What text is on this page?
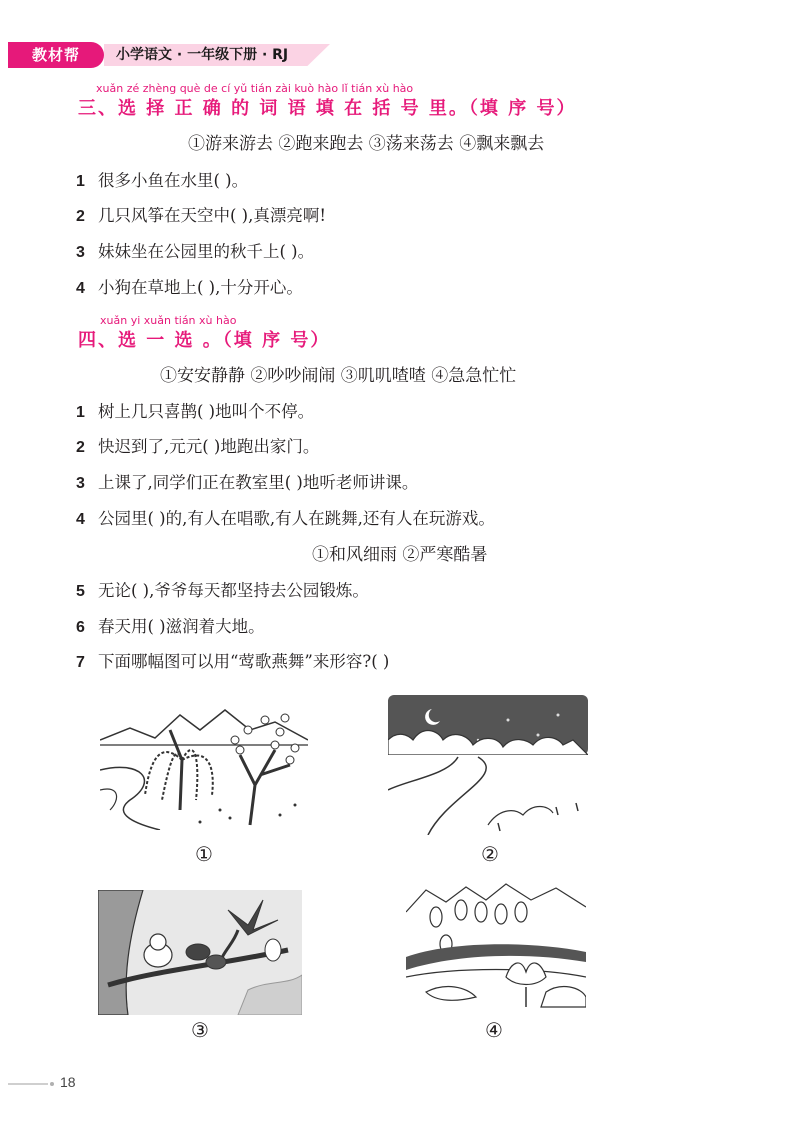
教材帮	小学语文 · 一年级下册 · RJ
xuǎn zé zhèng què de cí yǔ tián zài kuò hào lǐ tián xù hào
三、选 择 正 确 的 词 语 填 在 括 号 里。（填 序 号）
①游来游去 ②跑来跑去 ③荡来荡去 ④飘来飘去
1 很多小鱼在水里( )。
2 几只风筝在天空中( ),真漂亮啊!
3 妹妹坐在公园里的秋千上( )。
4 小狗在草地上( ),十分开心。
xuǎn yi xuǎn tián xù hào
四、选 一 选 。（填 序 号）
①安安静静 ②吵吵闹闹 ③叽叽喳喳 ④急急忙忙
1 树上几只喜鹊( )地叫个不停。
2 快迟到了,元元( )地跑出家门。
3 上课了,同学们正在教室里( )地听老师讲课。
4 公园里( )的,有人在唱歌,有人在跳舞,还有人在玩游戏。
①和风细雨 ②严寒酷暑
5 无论( ),爷爷每天都坚持去公园锻炼。
6 春天用( )滋润着大地。
7 下面哪幅图可以用“莺歌燕舞”来形容?( )
①	②
③	④
18
